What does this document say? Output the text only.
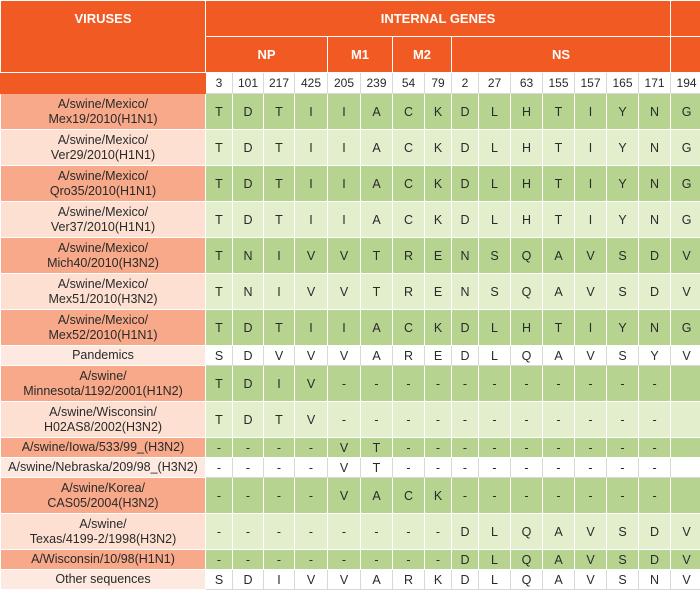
VIRUSES	INTERNAL GENES															
	NP				M1		M2		NS							
	3	101	217	425	205	239	54	79	2	27	63	155	157	165	171	194

A/swine/Mexico/
Mex19/2010(H1N1)	T	D	T	I	I	A	C	K	D	L	H	T	I	Y	N	G

A/swine/Mexico/
Ver29/2010(H1N1)	T	D	T	I	I	A	C	K	D	L	H	T	I	Y	N	G

A/swine/Mexico/
Qro35/2010(H1N1)	T	D	T	I	I	A	C	K	D	L	H	T	I	Y	N	G

A/swine/Mexico/
Ver37/2010(H1N1)	T	D	T	I	I	A	C	K	D	L	H	T	I	Y	N	G

A/swine/Mexico/
Mich40/2010(H3N2)	T	N	I	V	V	T	R	E	N	S	Q	A	V	S	D	V

A/swine/Mexico/
Mex51/2010(H3N2)	T	N	I	V	V	T	R	E	N	S	Q	A	V	S	D	V

A/swine/Mexico/
Mex52/2010(H1N1)	T	D	T	I	I	A	C	K	D	L	H	T	I	Y	N	G

Pandemics	S	D	V	V	V	A	R	E	D	L	Q	A	V	S	Y	V

A/swine/
Minnesota/1192/2001(H1N2)	T	D	I	V	-	-	-	-	-	-	-	-	-	-	-	

A/swine/Wisconsin/
H02AS8/2002(H3N2)	T	D	T	V	-	-	-	-	-	-	-	-	-	-	-	

A/swine/Iowa/533/99_(H3N2)	-	-	-	-	V	T	-	-	-	-	-	-	-	-	-	

A/swine/Nebraska/209/98_(H3N2)	-	-	-	-	V	T	-	-	-	-	-	-	-	-	-	

A/swine/Korea/
CAS05/2004(H3N2)	-	-	-	-	V	A	C	K	-	-	-	-	-	-	-	

A/swine/
Texas/4199-2/1998(H3N2)	-	-	-	-	-	-	-	-	D	L	Q	A	V	S	D	V

A/Wisconsin/10/98(H1N1)	-	-	-	-	-	-	-	-	D	L	Q	A	V	S	D	V

Other sequences	S	D	I	V	V	A	R	K	D	L	Q	A	V	S	N	V
